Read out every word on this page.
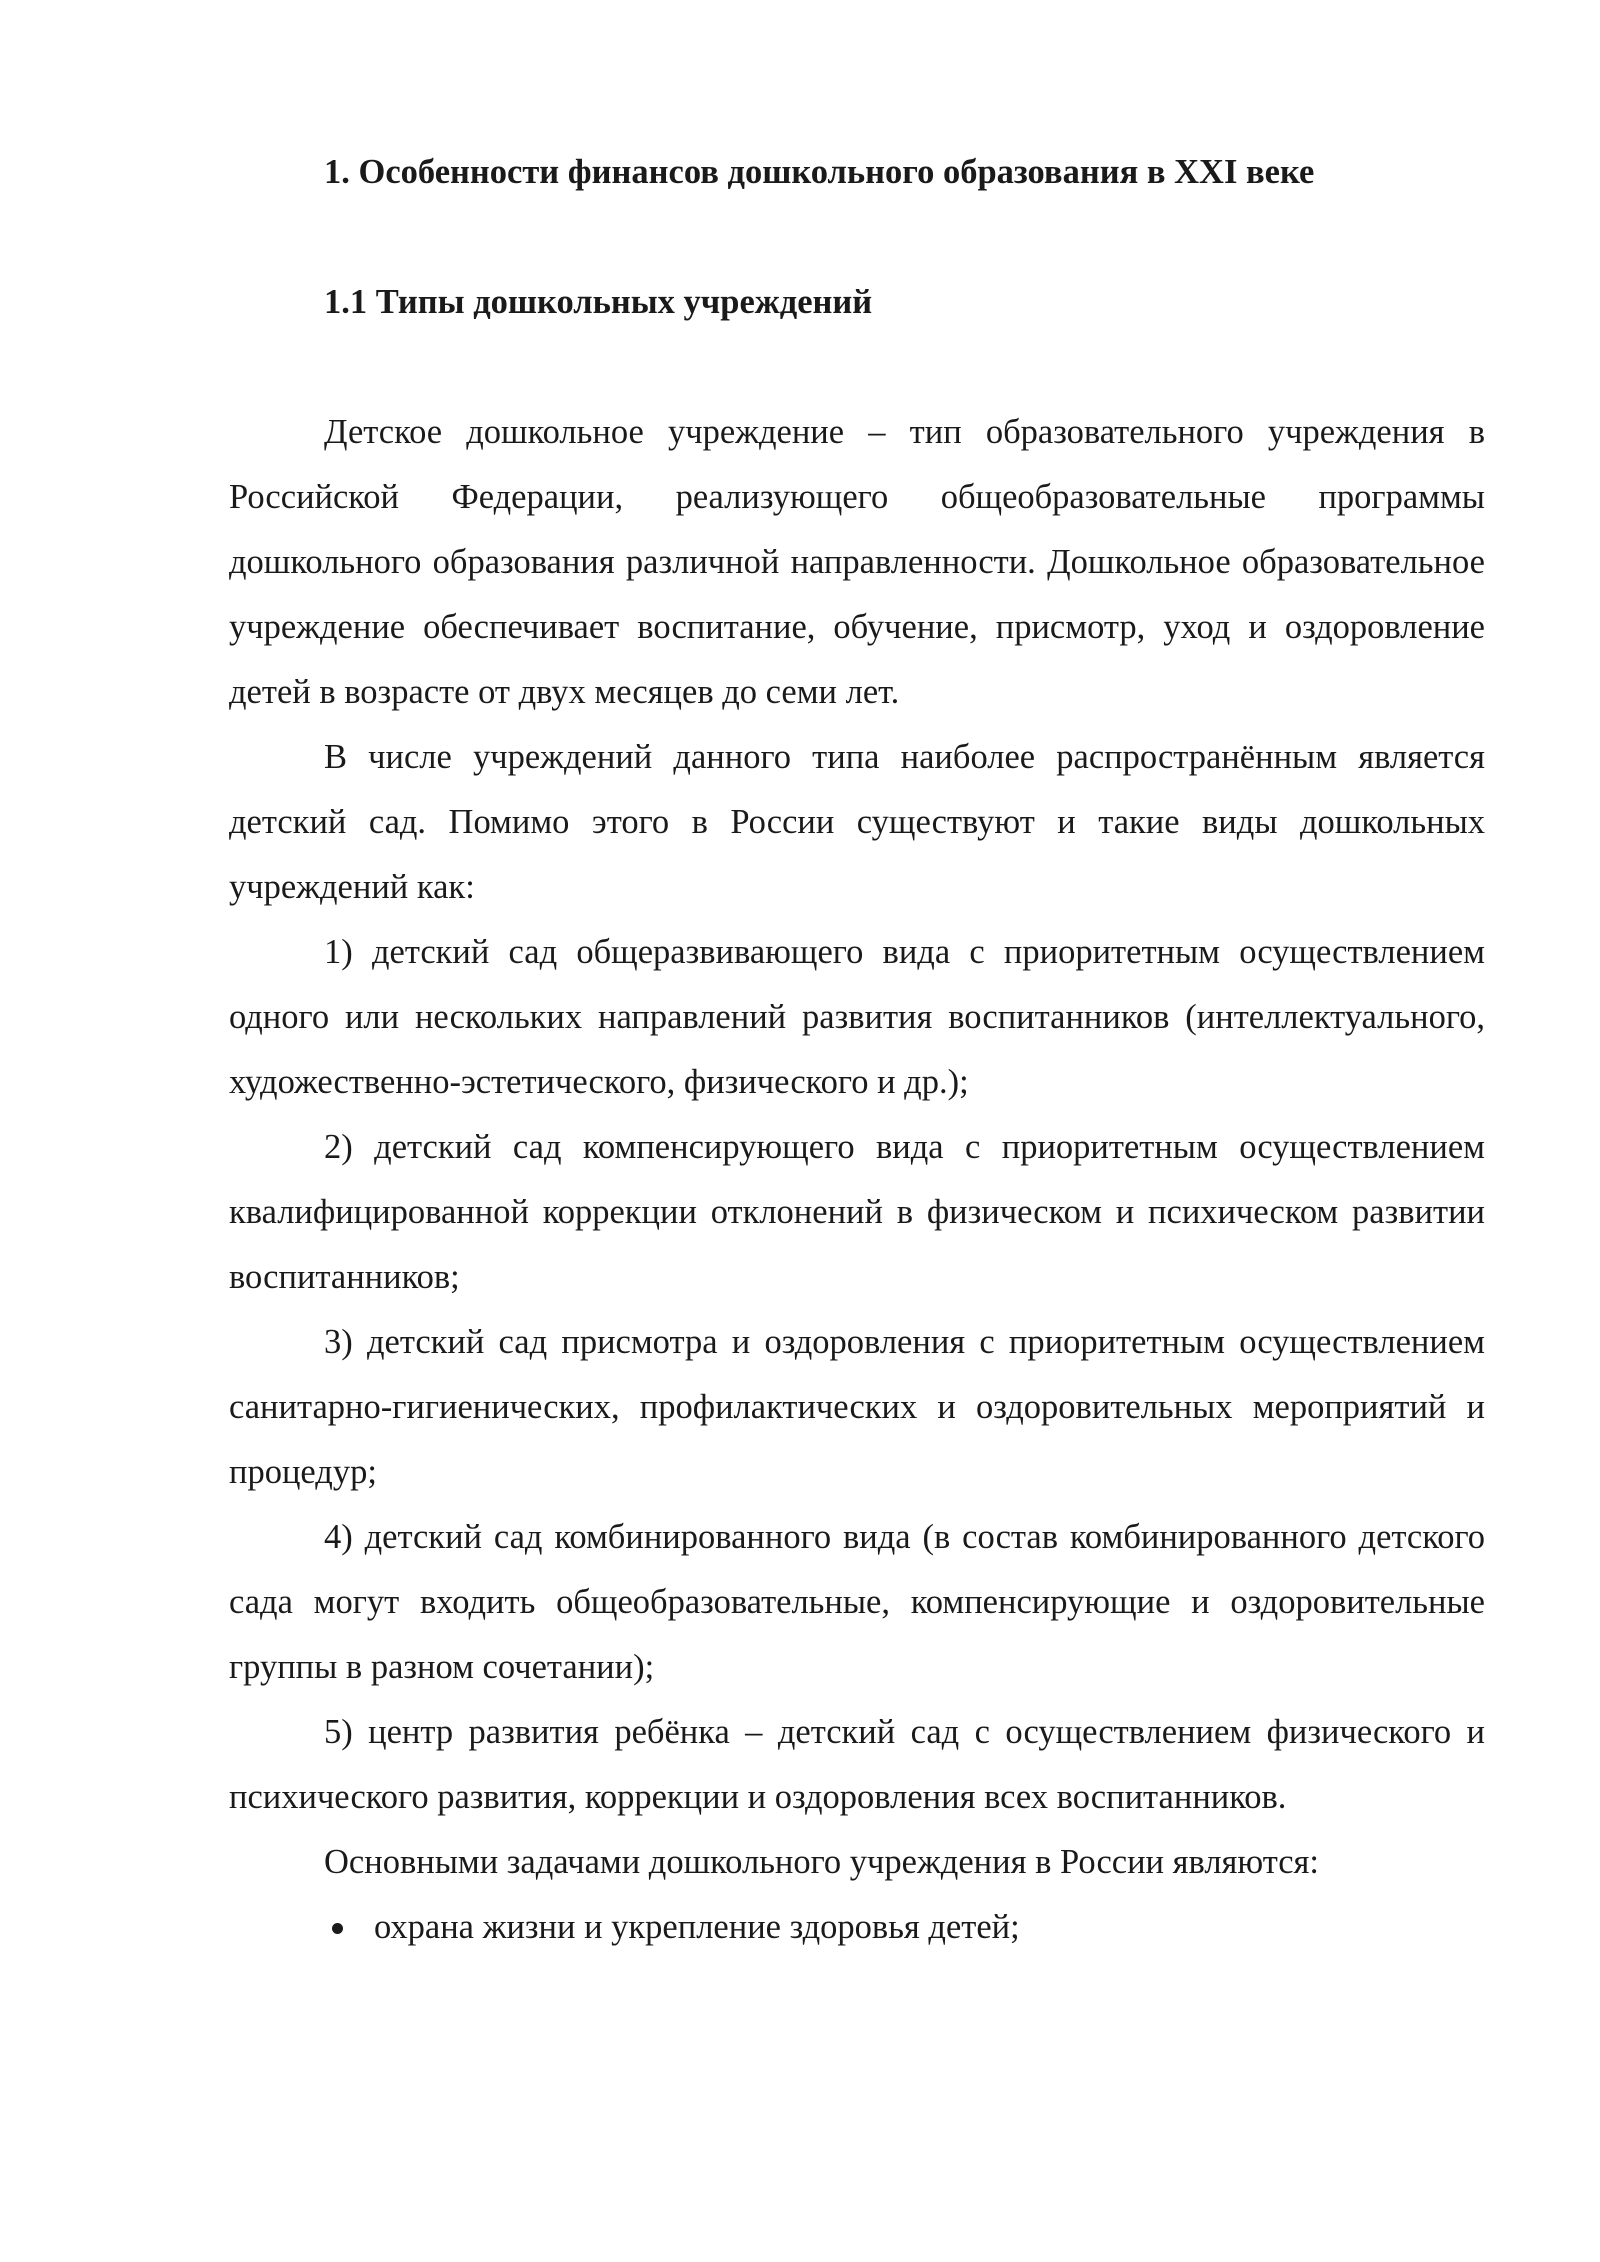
1. Особенности финансов дошкольного образования в XXI веке
1.1 Типы дошкольных учреждений

Детское дошкольное учреждение – тип образовательного учреждения в Российской Федерации, реализующего общеобразовательные программы дошкольного образования различной направленности. Дошкольное образовательное учреждение обеспечивает воспитание, обучение, присмотр, уход и оздоровление детей в возрасте от двух месяцев до семи лет.

В числе учреждений данного типа наиболее распространённым является детский сад. Помимо этого в России существуют и такие виды дошкольных учреждений как:

1) детский сад общеразвивающего вида с приоритетным осуществлением одного или нескольких направлений развития воспитанников (интеллектуального, художественно-эстетического, физического и др.);

2) детский сад компенсирующего вида с приоритетным осуществлением квалифицированной коррекции отклонений в физическом и психическом развитии воспитанников;

3) детский сад присмотра и оздоровления с приоритетным осуществлением санитарно-гигиенических, профилактических и оздоровительных мероприятий и процедур;

4) детский сад комбинированного вида (в состав комбинированного детского сада могут входить общеобразовательные, компенсирующие и оздоровительные группы в разном сочетании);

5) центр развития ребёнка – детский сад с осуществлением физического и психического развития, коррекции и оздоровления всех воспитанников.

Основными задачами дошкольного учреждения в России являются:

охрана жизни и укрепление здоровья детей;
